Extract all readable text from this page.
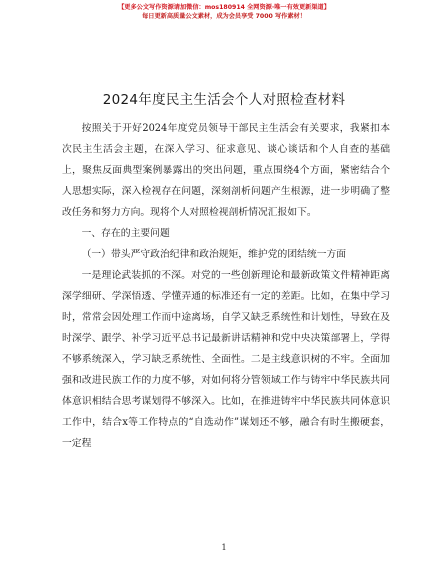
【更多公文写作资源请加微信：mos180914 全网资源·唯一有效更新渠道】
每日更新高质量公文素材，成为会员享受 7000 写作素材！
2024年度民主生活会个人对照检查材料

按照关于开好2024年度党员领导干部民主生活会有关要求，我紧扣本次民主生活会主题，在深入学习、征求意见、谈心谈话和个人自查的基础上，聚焦反面典型案例暴露出的突出问题，重点围绕4个方面，紧密结合个人思想实际，深入检视存在问题，深刻剖析问题产生根源，进一步明确了整改任务和努力方向。现将个人对照检视剖析情况汇报如下。

一、存在的主要问题

（一）带头严守政治纪律和政治规矩，维护党的团结统一方面

一是理论武装抓的不深。对党的一些创新理论和最新政策文件精神距离深学细研、学深悟透、学懂弄通的标准还有一定的差距。比如，在集中学习时，常常会因处理工作而中途离场，自学又缺乏系统性和计划性，导致在及时深学、跟学、补学习近平总书记最新讲话精神和党中央决策部署上，学得不够系统深入，学习缺乏系统性、全面性。二是主线意识树的不牢。全面加强和改进民族工作的力度不够，对如何将分管领域工作与铸牢中华民族共同体意识相结合思考谋划得不够深入。比如，在推进铸牢中华民族共同体意识工作中，结合x等工作特点的“自选动作”谋划还不够，融合有时生搬硬套，一定程

1
